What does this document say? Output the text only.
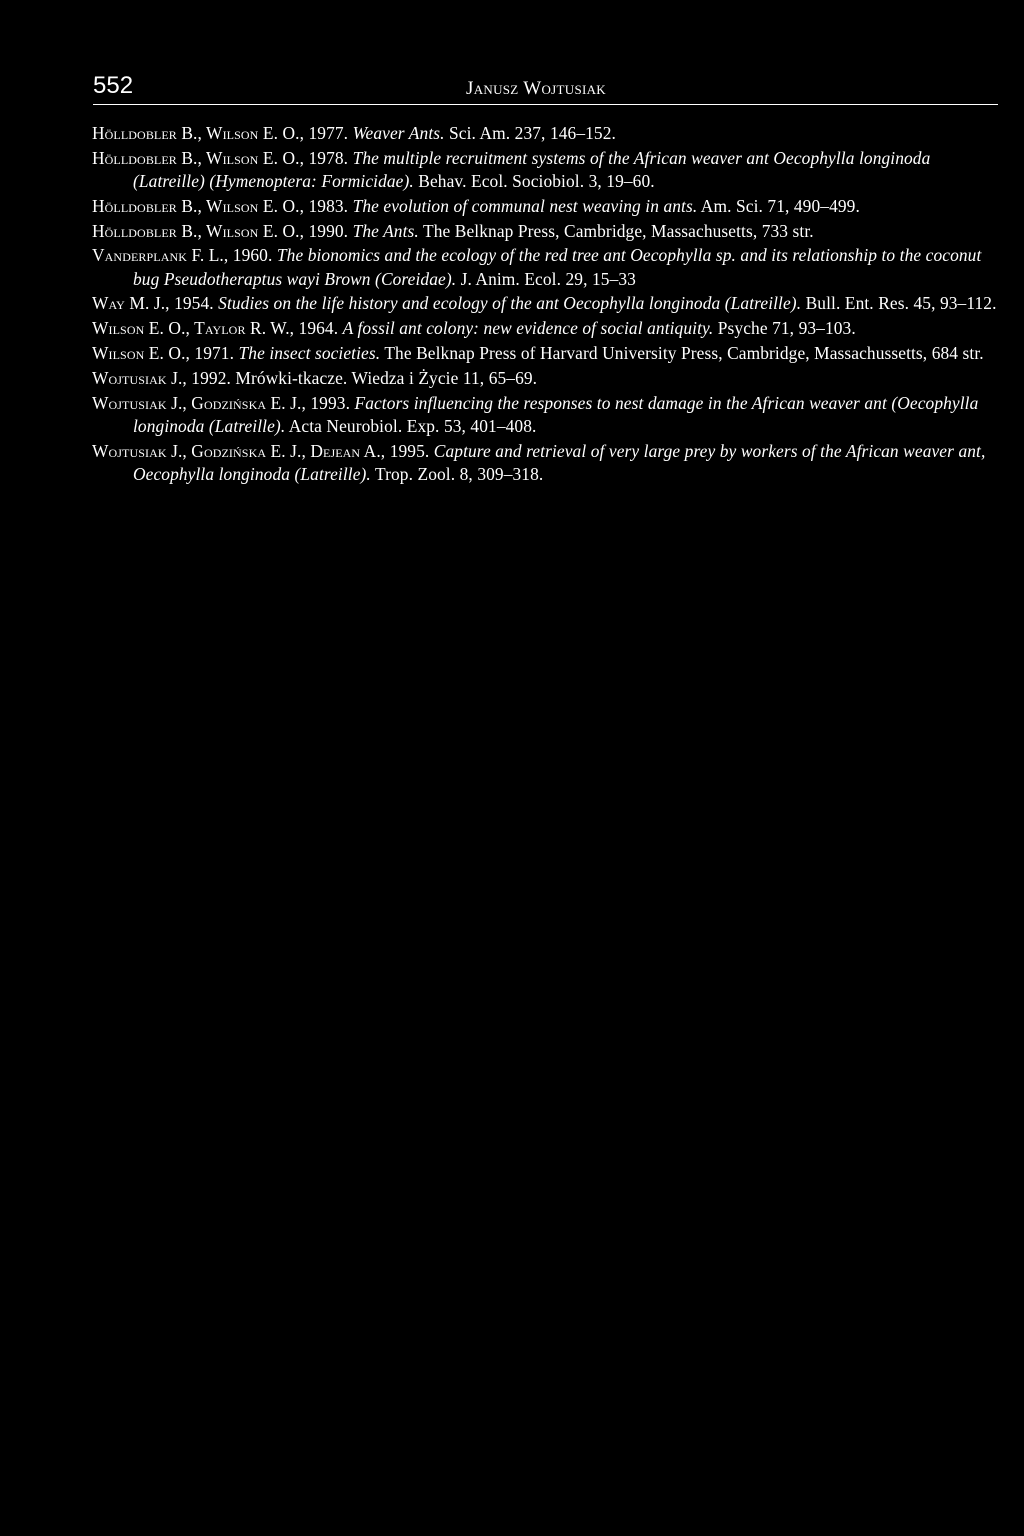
552	Janusz Wojtusiak

Hölldobler B., Wilson E. O., 1977. Weaver Ants. Sci. Am. 237, 146–152.

Hölldobler B., Wilson E. O., 1978. The multiple recruitment systems of the African weaver ant Oecophylla longinoda (Latreille) (Hymenoptera: Formicidae). Behav. Ecol. Sociobiol. 3, 19–60.

Hölldobler B., Wilson E. O., 1983. The evolution of communal nest weaving in ants. Am. Sci. 71, 490–499.

Hölldobler B., Wilson E. O., 1990. The Ants. The Belknap Press, Cambridge, Massachusetts, 733 str.

Vanderplank F. L., 1960. The bionomics and the ecology of the red tree ant Oecophylla sp. and its relationship to the coconut bug Pseudotheraptus wayi Brown (Coreidae). J. Anim. Ecol. 29, 15–33

Way M. J., 1954. Studies on the life history and ecology of the ant Oecophylla longinoda (Latreille). Bull. Ent. Res. 45, 93–112.

Wilson E. O., Taylor R. W., 1964. A fossil ant colony: new evidence of social antiquity. Psyche 71, 93–103.

Wilson E. O., 1971. The insect societies. The Belknap Press of Harvard University Press, Cambridge, Massachussetts, 684 str.

Wojtusiak J., 1992. Mrówki-tkacze. Wiedza i Życie 11, 65–69.

Wojtusiak J., Godzińska E. J., 1993. Factors influencing the responses to nest damage in the African weaver ant (Oecophylla longinoda (Latreille). Acta Neurobiol. Exp. 53, 401–408.

Wojtusiak J., Godzińska E. J., Dejean A., 1995. Capture and retrieval of very large prey by workers of the African weaver ant, Oecophylla longinoda (Latreille). Trop. Zool. 8, 309–318.
